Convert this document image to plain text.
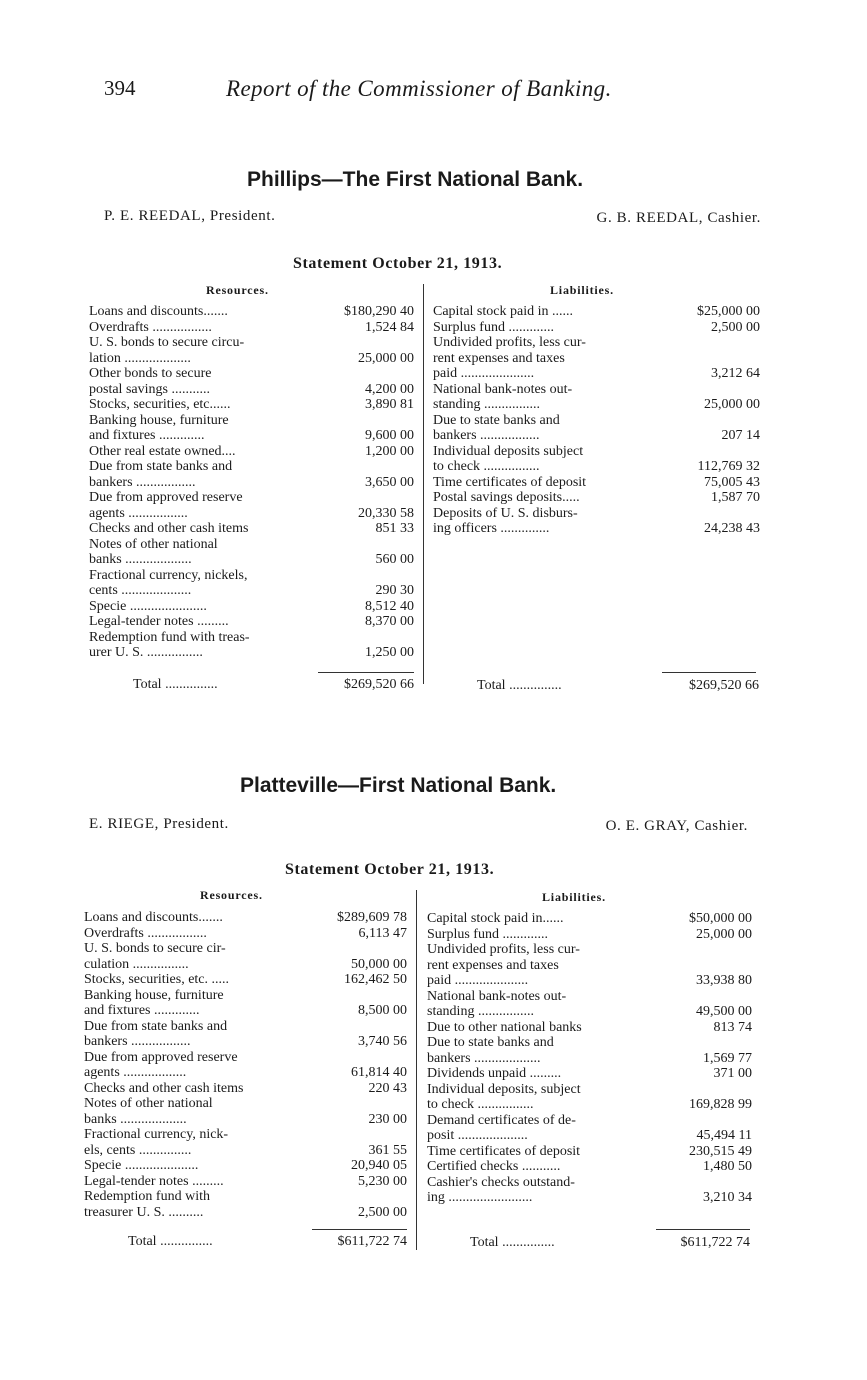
394	Report of the Commissioner of Banking.
Phillips—The First National Bank.
P. E. REEDAL, President.	G. B. REEDAL, Cashier.
Statement October 21, 1913.
Resources.	Liabilities.
Loans and discounts.......	$180,290 40
Overdrafts .................	1,524 84
U. S. bonds to secure circu-
lation ...................	25,000 00
Other bonds to secure
postal savings ...........	4,200 00
Stocks, securities, etc......	3,890 81
Banking house, furniture
and fixtures .............	9,600 00
Other real estate owned....	1,200 00
Due from state banks and
bankers .................	3,650 00
Due from approved reserve
agents .................	20,330 58
Checks and other cash items	851 33
Notes of other national
banks ...................	560 00
Fractional currency, nickels,
cents ....................	290 30
Specie ......................	8,512 40
Legal-tender notes .........	8,370 00
Redemption fund with treas-
urer U. S. ................	1,250 00
Capital stock paid in ......	$25,000 00
Surplus fund .............	2,500 00
Undivided profits, less cur-
rent expenses and taxes
paid .....................	3,212 64
National bank-notes out-
standing ................	25,000 00
Due to state banks and
bankers .................	207 14
Individual deposits subject
to check ................	112,769 32
Time certificates of deposit	75,005 43
Postal savings deposits.....	1,587 70
Deposits of U. S. disburs-
ing officers ..............	24,238 43
Total ...............	$269,520 66	Total ...............	$269,520 66
Platteville—First National Bank.
E. RIEGE, President.	O. E. GRAY, Cashier.
Statement October 21, 1913.
Resources.	Liabilities.
Loans and discounts.......	$289,609 78
Overdrafts .................	6,113 47
U. S. bonds to secure cir-
culation ................	50,000 00
Stocks, securities, etc. .....	162,462 50
Banking house, furniture
and fixtures .............	8,500 00
Due from state banks and
bankers .................	3,740 56
Due from approved reserve
agents ..................	61,814 40
Checks and other cash items	220 43
Notes of other national
banks ...................	230 00
Fractional currency, nick-
els, cents ...............	361 55
Specie .....................	20,940 05
Legal-tender notes .........	5,230 00
Redemption fund with
treasurer U. S. ..........	2,500 00
Capital stock paid in......	$50,000 00
Surplus fund .............	25,000 00
Undivided profits, less cur-
rent expenses and taxes
paid .....................	33,938 80
National bank-notes out-
standing ................	49,500 00
Due to other national banks	813 74
Due to state banks and
bankers ...................	1,569 77
Dividends unpaid .........	371 00
Individual deposits, subject
to check ................	169,828 99
Demand certificates of de-
posit ....................	45,494 11
Time certificates of deposit	230,515 49
Certified checks ...........	1,480 50
Cashier's checks outstand-
ing ........................	3,210 34
Total ...............	$611,722 74	Total ...............	$611,722 74
